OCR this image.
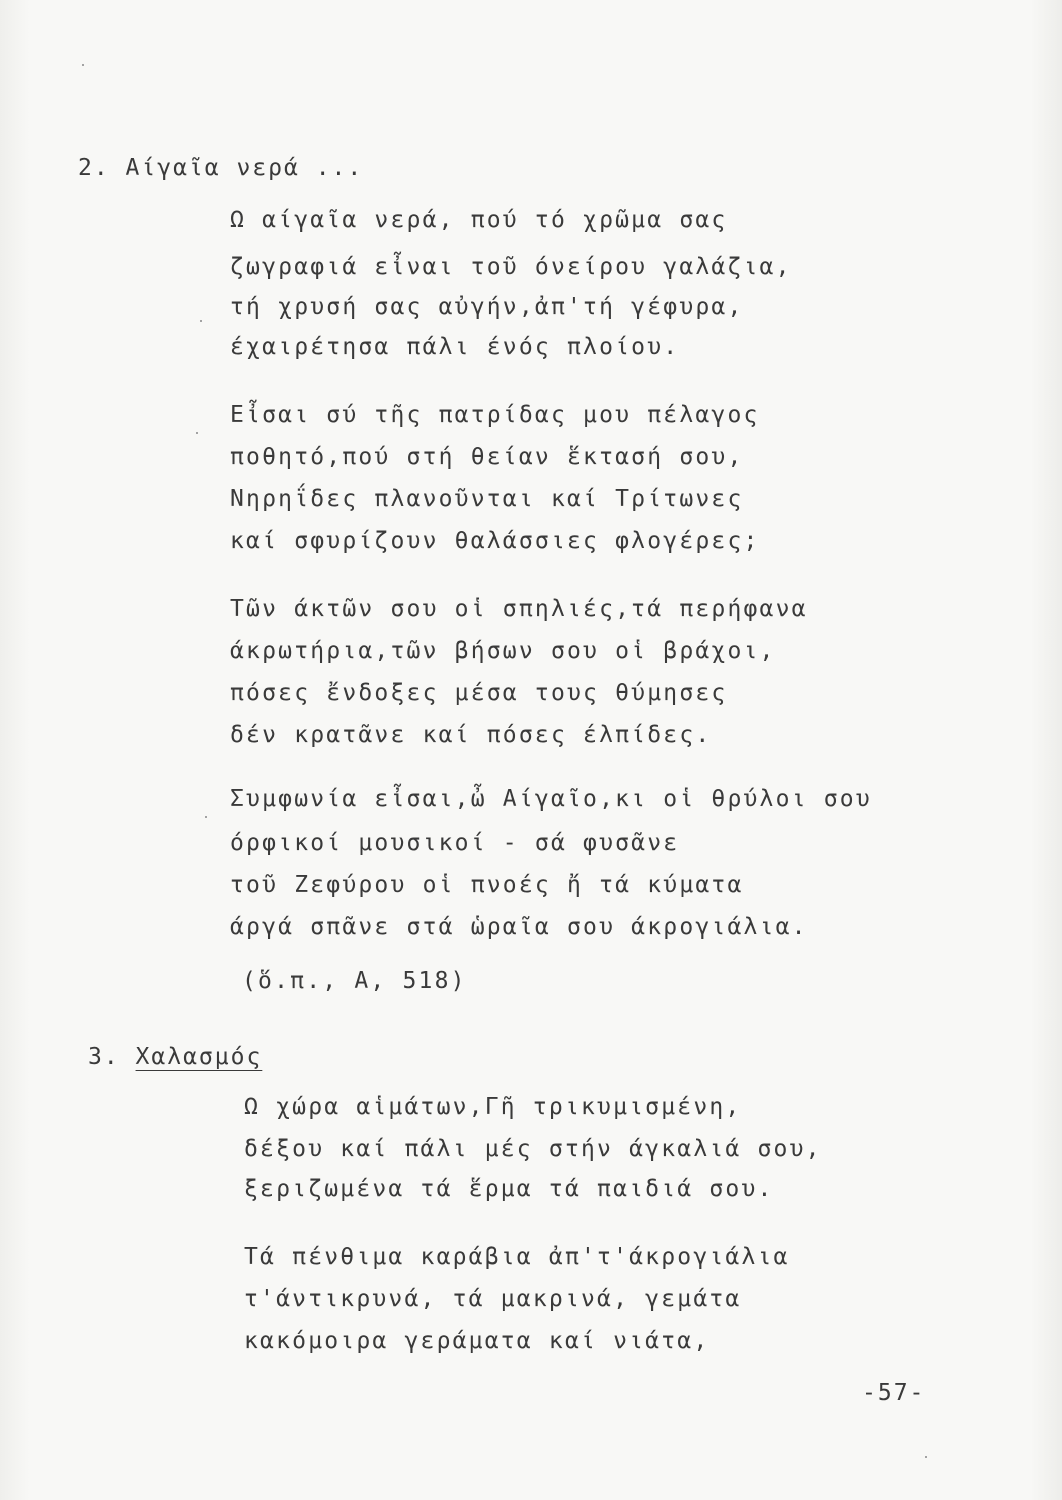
2. Αίγαῖα νερά ...
Ω αίγαῖα νερά, πού τό χρῶμα σας
ζωγραφιά εἶναι τοῦ όνείρου γαλάζια,
τή χρυσή σας αὐγήν,ἀπ'τή γέφυρα,
έχαιρέτησα πάλι ένός πλοίου.
Εἶσαι σύ τῆς πατρίδας μου πέλαγος
ποθητό,πού στή θείαν ἕκτασή σου,
Νηρηΐδες πλανοῦνται καί Τρίτωνες
καί σφυρίζουν θαλάσσιες φλογέρες;
Τῶν άκτῶν σου οἱ σπηλιές,τά περήφανα
άκρωτήρια,τῶν βήσων σου οἱ βράχοι,
πόσες ἔνδοξες μέσα τους θύμησες
δέν κρατᾶνε καί πόσες έλπίδες.
Συμφωνία εἶσαι,ὦ Αίγαῖο,κι οἱ θρύλοι σου
όρφικοί μουσικοί - σά φυσᾶνε
τοῦ Ζεφύρου οἱ πνοές ἤ τά κύματα
άργά σπᾶνε στά ὡραῖα σου άκρογιάλια.
(ὅ.π., Α, 518)
3. Χαλασμός
Ω χώρα αἱμάτων,Γῆ τρικυμισμένη,
δέξου καί πάλι μές στήν άγκαλιά σου,
ξεριζωμένα τά ἕρμα τά παιδιά σου.
Τά πένθιμα καράβια ἀπ'τ'άκρογιάλια
τ'άντικρυνά, τά μακρινά, γεμάτα
κακόμοιρα γεράματα καί νιάτα,
-57-
